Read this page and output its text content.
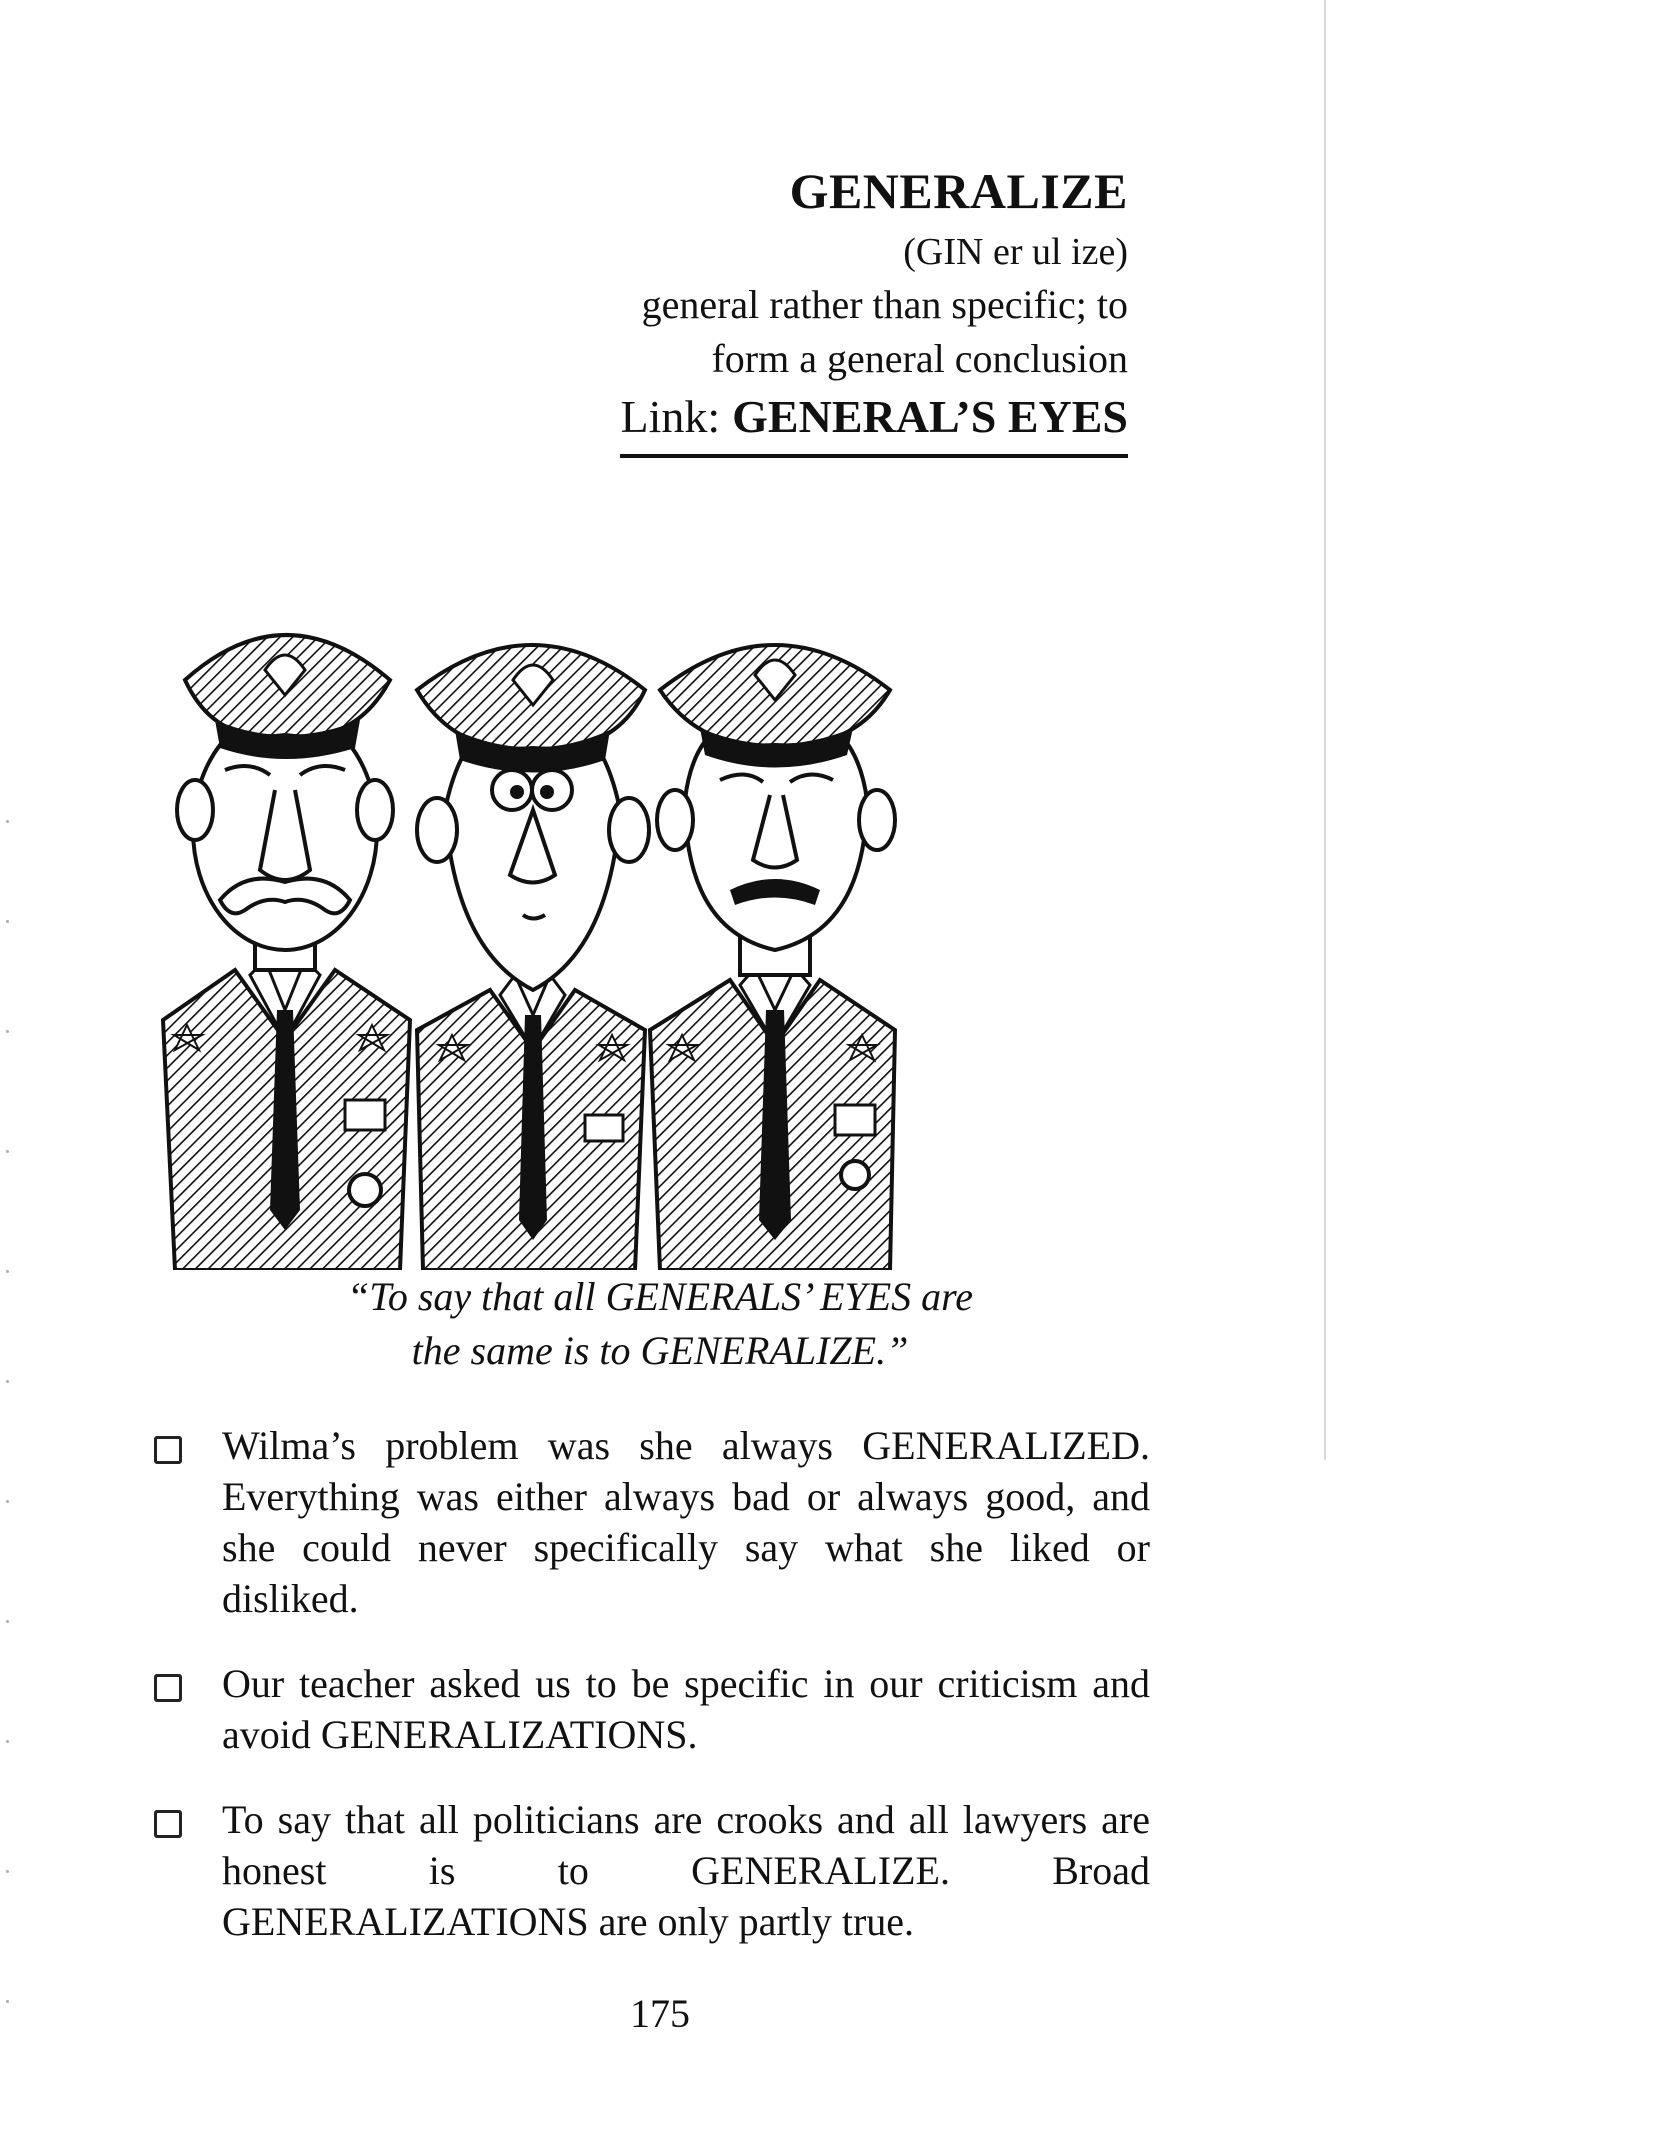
GENERALIZE
(GIN er ul ize)
general rather than specific; to
form a general conclusion
Link: GENERAL’S EYES
“To say that all GENERALS’ EYES are
the same is to GENERALIZE.”
Wilma’s problem was she always GENERALIZED. Everything was either always bad or always good, and she could never specifically say what she liked or disliked.
Our teacher asked us to be specific in our criticism and avoid GENERALIZATIONS.
To say that all politicians are crooks and all lawyers are honest is to GENERALIZE. Broad GENERALIZATIONS are only partly true.
175
